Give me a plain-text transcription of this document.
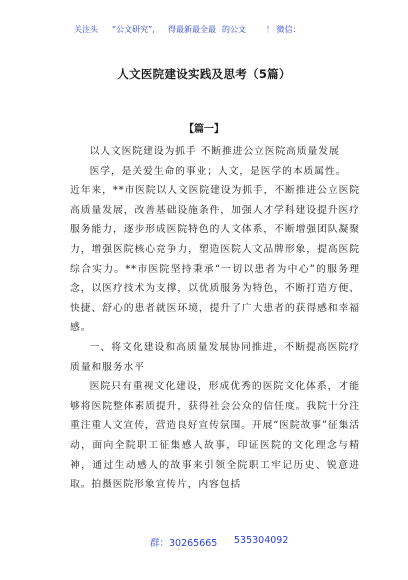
关注头 “公文研究”， 得最新最全最 的公文	！ 微信：
人文医院建设实践及思考（5篇）
【篇一】

以人文医院建设为抓手 不断推进公立医院高质量发展

医学，是关爱生命的事业；人文，是医学的本质属性。

近年来，**市医院以人文医院建设为抓手，不断推进公立医院高质量发展，改善基础设施条件，加强人才学科建设提升医疗服务能力，逐步形成医院特色的人文体系，不断增强团队凝聚力，增强医院核心竞争力，塑造医院人文品牌形象，提高医院综合实力。**市医院坚持秉承“一切以患者为中心”的服务理念，以医疗技术为支撑，以优质服务为特色，不断打造方便、快捷、舒心的患者就医环境，提升了广大患者的获得感和幸福感。

一、将文化建设和高质量发展协同推进，不断提高医院疗质量和服务水平

医院只有重视文化建设，形成优秀的医院文化体系，才能够将医院整体素质提升，获得社会公众的信任度。我院十分注重注重人文宣传，营造良好宣传氛围。开展“医院故事”征集活动，面向全院职工征集感人故事，印证医院的文化理念与精神，通过生动感人的故事来引领全院职工牢记历史、锐意进取。拍摄医院形象宣传片，内容包括

群：30265665 535304092
